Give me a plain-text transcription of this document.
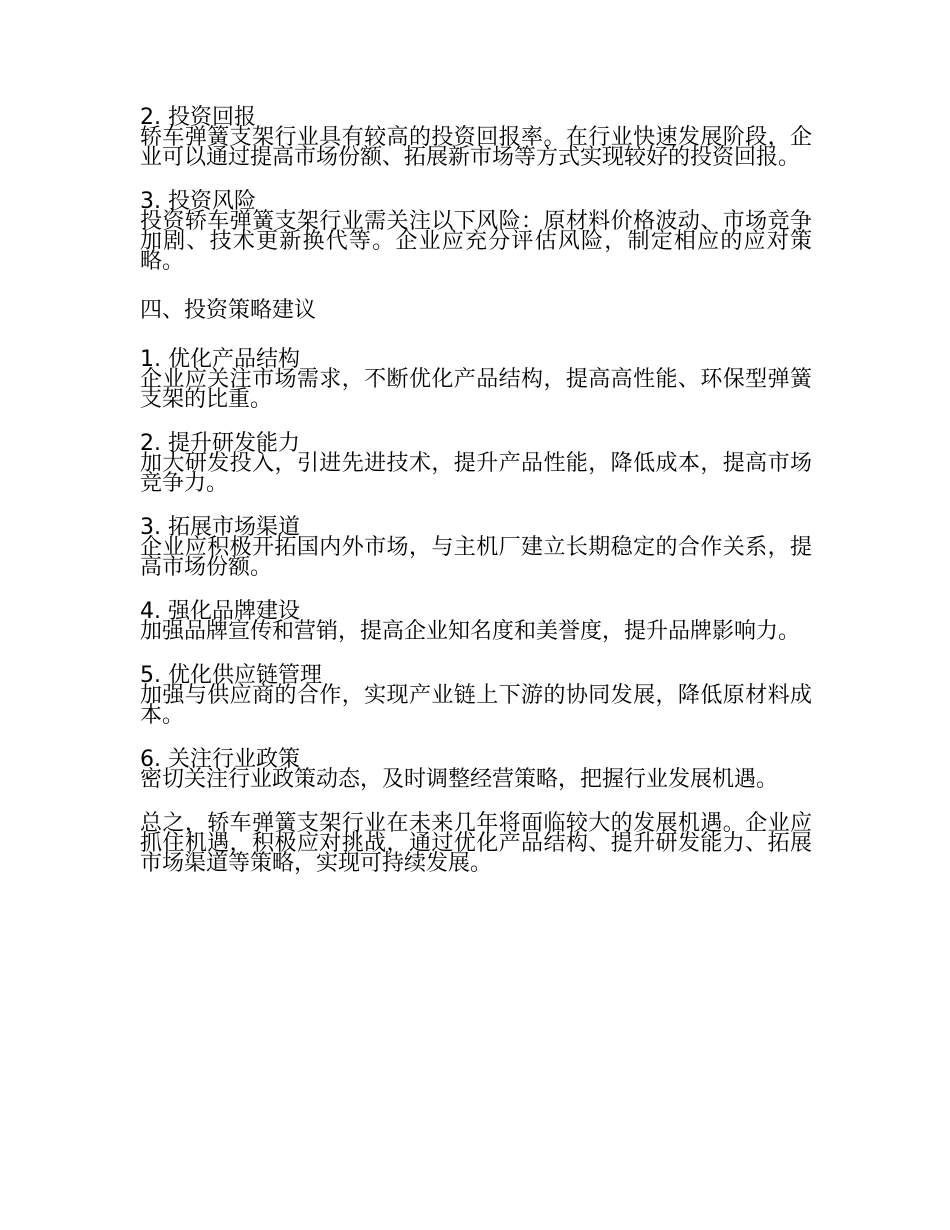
2. 投资回报
轿车弹簧支架行业具有较高的投资回报率。在行业快速发展阶段，企业可以通过提高市场份额、拓展新市场等方式实现较好的投资回报。
3. 投资风险
投资轿车弹簧支架行业需关注以下风险：原材料价格波动、市场竞争加剧、技术更新换代等。企业应充分评估风险，制定相应的应对策略。
四、投资策略建议
1. 优化产品结构
企业应关注市场需求，不断优化产品结构，提高高性能、环保型弹簧支架的比重。
2. 提升研发能力
加大研发投入，引进先进技术，提升产品性能，降低成本，提高市场竞争力。
3. 拓展市场渠道
企业应积极开拓国内外市场，与主机厂建立长期稳定的合作关系，提高市场份额。
4. 强化品牌建设
加强品牌宣传和营销，提高企业知名度和美誉度，提升品牌影响力。
5. 优化供应链管理
加强与供应商的合作，实现产业链上下游的协同发展，降低原材料成本。
6. 关注行业政策
密切关注行业政策动态，及时调整经营策略，把握行业发展机遇。
总之，轿车弹簧支架行业在未来几年将面临较大的发展机遇。企业应抓住机遇，积极应对挑战，通过优化产品结构、提升研发能力、拓展市场渠道等策略，实现可持续发展。
